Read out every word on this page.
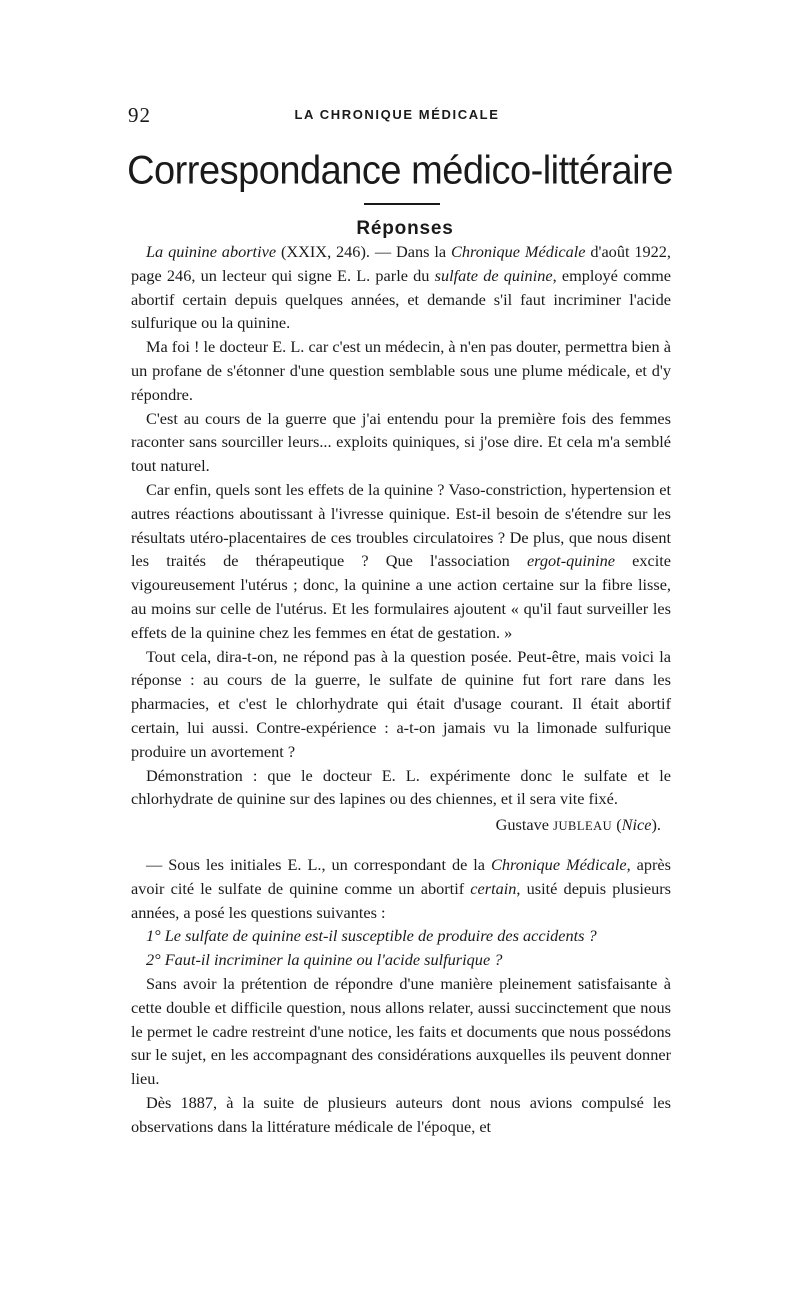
92	LA CHRONIQUE MÉDICALE
Correspondance médico-littéraire
Réponses

La quinine abortive (XXIX, 246). — Dans la Chronique Médicale d'août 1922, page 246, un lecteur qui signe E. L. parle du sulfate de quinine, employé comme abortif certain depuis quelques années, et demande s'il faut incriminer l'acide sulfurique ou la quinine.

Ma foi ! le docteur E. L. car c'est un médecin, à n'en pas douter, permettra bien à un profane de s'étonner d'une question semblable sous une plume médicale, et d'y répondre.

C'est au cours de la guerre que j'ai entendu pour la première fois des femmes raconter sans sourciller leurs... exploits quiniques, si j'ose dire. Et cela m'a semblé tout naturel.

Car enfin, quels sont les effets de la quinine ? Vaso-constriction, hypertension et autres réactions aboutissant à l'ivresse quinique. Est-il besoin de s'étendre sur les résultats utéro-placentaires de ces troubles circulatoires ? De plus, que nous disent les traités de thérapeutique ? Que l'association ergot-quinine excite vigoureusement l'utérus ; donc, la quinine a une action certaine sur la fibre lisse, au moins sur celle de l'utérus. Et les formulaires ajoutent « qu'il faut surveiller les effets de la quinine chez les femmes en état de gestation. »

Tout cela, dira-t-on, ne répond pas à la question posée. Peut-être, mais voici la réponse : au cours de la guerre, le sulfate de quinine fut fort rare dans les pharmacies, et c'est le chlorhydrate qui était d'usage courant. Il était abortif certain, lui aussi. Contre-expérience : a-t-on jamais vu la limonade sulfurique produire un avortement ?

Démonstration : que le docteur E. L. expérimente donc le sulfate et le chlorhydrate de quinine sur des lapines ou des chiennes, et il sera vite fixé.

Gustave JUBLEAU (Nice).

— Sous les initiales E. L., un correspondant de la Chronique Médicale, après avoir cité le sulfate de quinine comme un abortif certain, usité depuis plusieurs années, a posé les questions suivantes :

1° Le sulfate de quinine est-il susceptible de produire des accidents ?

2° Faut-il incriminer la quinine ou l'acide sulfurique ?

Sans avoir la prétention de répondre d'une manière pleinement satisfaisante à cette double et difficile question, nous allons relater, aussi succinctement que nous le permet le cadre restreint d'une notice, les faits et documents que nous possédons sur le sujet, en les accompagnant des considérations auxquelles ils peuvent donner lieu.

Dès 1887, à la suite de plusieurs auteurs dont nous avions compulsé les observations dans la littérature médicale de l'époque, et
